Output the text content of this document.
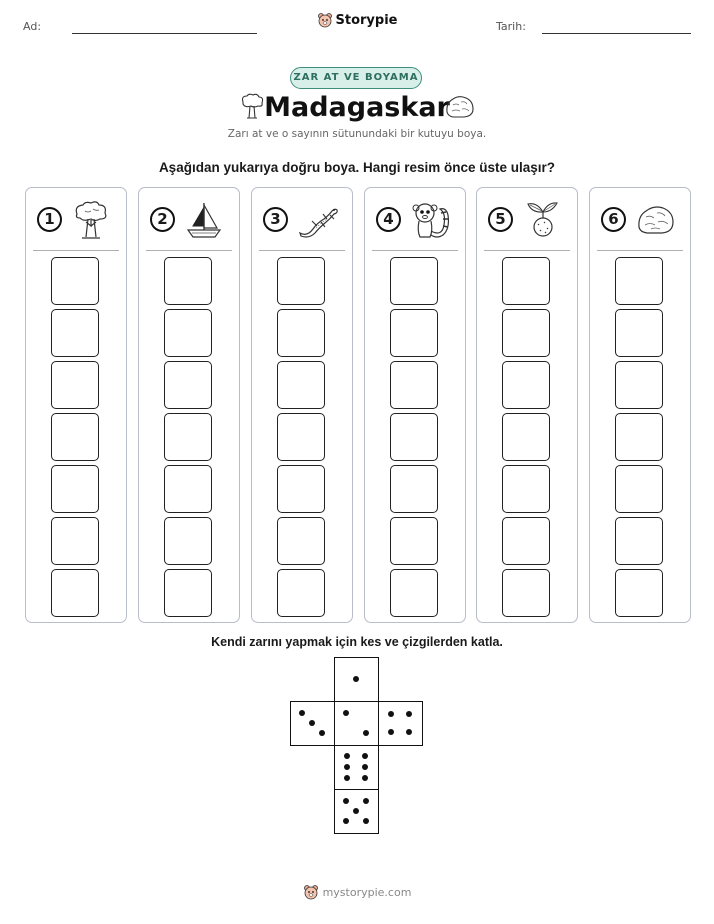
Ad:	Tarih:
Storypie
ZAR AT VE BOYAMA
Madagaskar
Zarı at ve o sayının sütunundaki bir kutuyu boya.
Aşağıdan yukarıya doğru boya. Hangi resim önce üste ulaşır?
1	2	3	4	5	6
Kendi zarını yapmak için kes ve çizgilerden katla.
mystorypie.com
